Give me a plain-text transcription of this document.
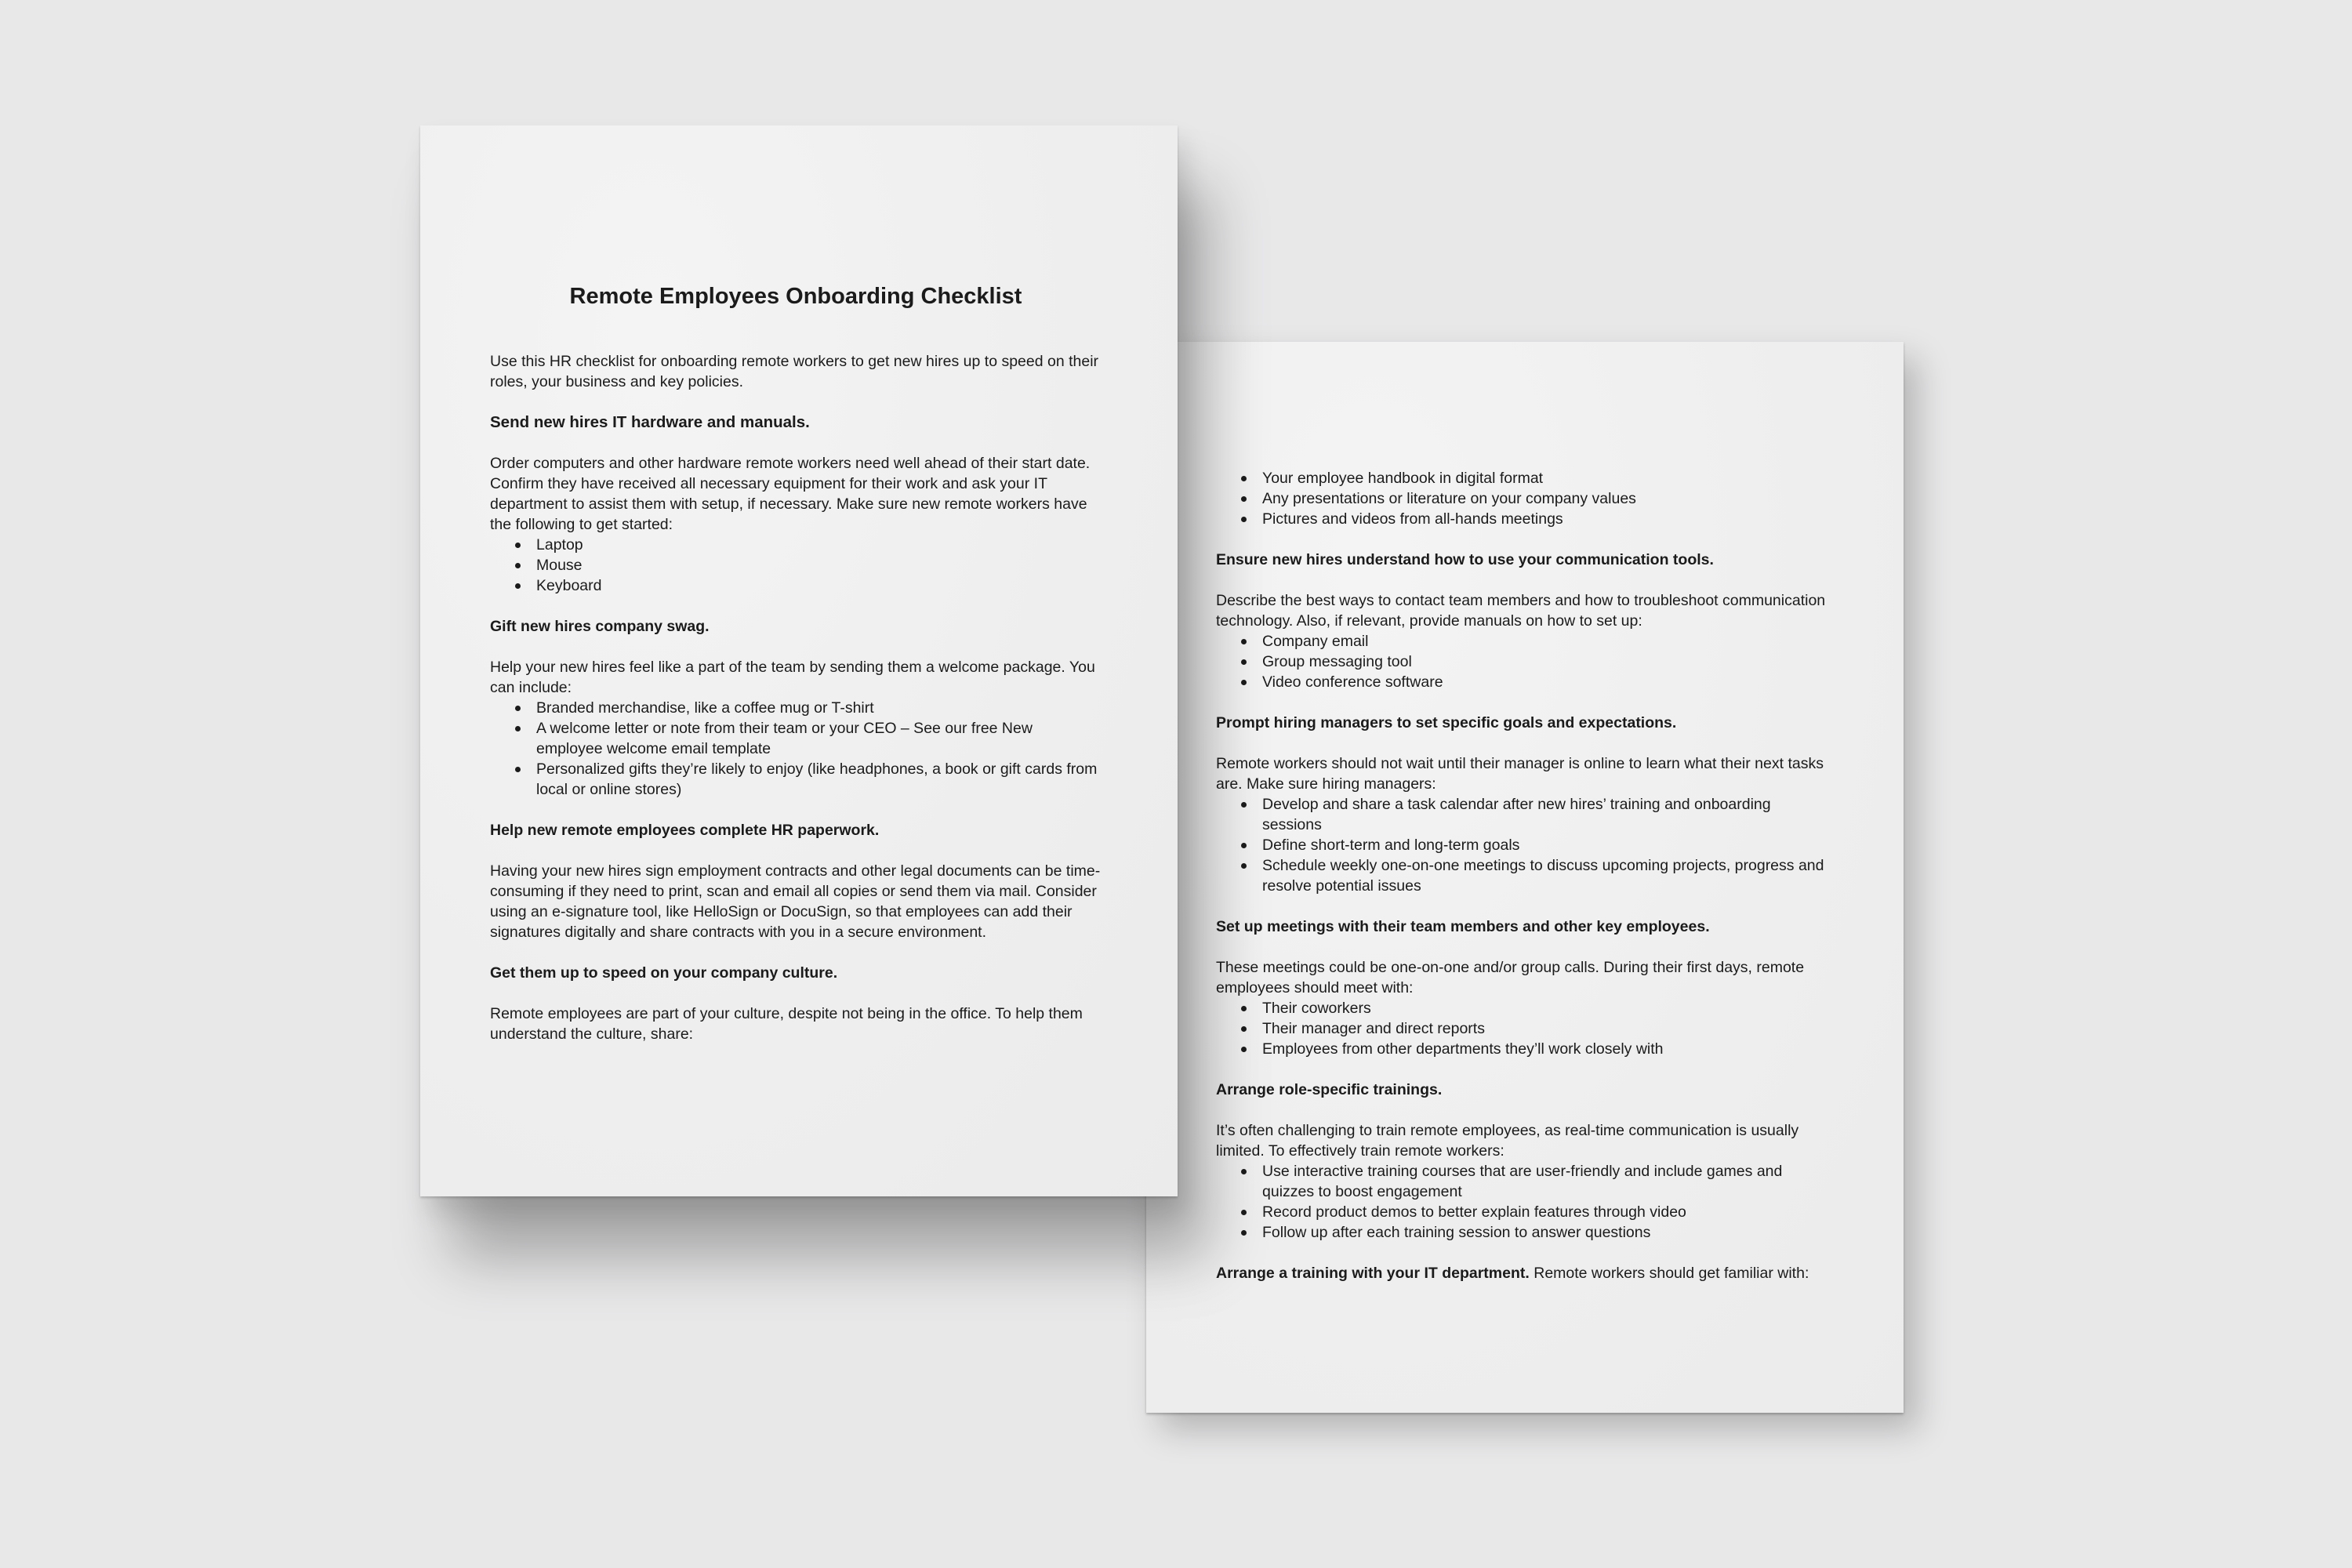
Your employee handbook in digital format
Any presentations or literature on your company values
Pictures and videos from all-hands meetings
Ensure new hires understand how to use your communication tools.

Describe the best ways to contact team members and how to troubleshoot communication technology. Also, if relevant, provide manuals on how to set up:

Company email
Group messaging tool
Video conference software
Prompt hiring managers to set specific goals and expectations.

Remote workers should not wait until their manager is online to learn what their next tasks are. Make sure hiring managers:

Develop and share a task calendar after new hires’ training and onboarding sessions
Define short-term and long-term goals
Schedule weekly one-on-one meetings to discuss upcoming projects, progress and resolve potential issues
Set up meetings with their team members and other key employees.

These meetings could be one-on-one and/or group calls. During their first days, remote employees should meet with:

Their coworkers
Their manager and direct reports
Employees from other departments they’ll work closely with
Arrange role-specific trainings.

It’s often challenging to train remote employees, as real-time communication is usually limited. To effectively train remote workers:

Use interactive training courses that are user-friendly and include games and quizzes to boost engagement
Record product demos to better explain features through video
Follow up after each training session to answer questions

Arrange a training with your IT department. Remote workers should get familiar with:

Remote Employees Onboarding Checklist

Use this HR checklist for onboarding remote workers to get new hires up to speed on their roles, your business and key policies.

Send new hires IT hardware and manuals.

Order computers and other hardware remote workers need well ahead of their start date. Confirm they have received all necessary equipment for their work and ask your IT department to assist them with setup, if necessary. Make sure new remote workers have the following to get started:

Laptop
Mouse
Keyboard
Gift new hires company swag.

Help your new hires feel like a part of the team by sending them a welcome package. You can include:

Branded merchandise, like a coffee mug or T-shirt
A welcome letter or note from their team or your CEO – See our free New employee welcome email template
Personalized gifts they’re likely to enjoy (like headphones, a book or gift cards from local or online stores)
Help new remote employees complete HR paperwork.

Having your new hires sign employment contracts and other legal documents can be time-consuming if they need to print, scan and email all copies or send them via mail. Consider using an e-signature tool, like HelloSign or DocuSign, so that employees can add their signatures digitally and share contracts with you in a secure environment.

Get them up to speed on your company culture.

Remote employees are part of your culture, despite not being in the office. To help them understand the culture, share:
